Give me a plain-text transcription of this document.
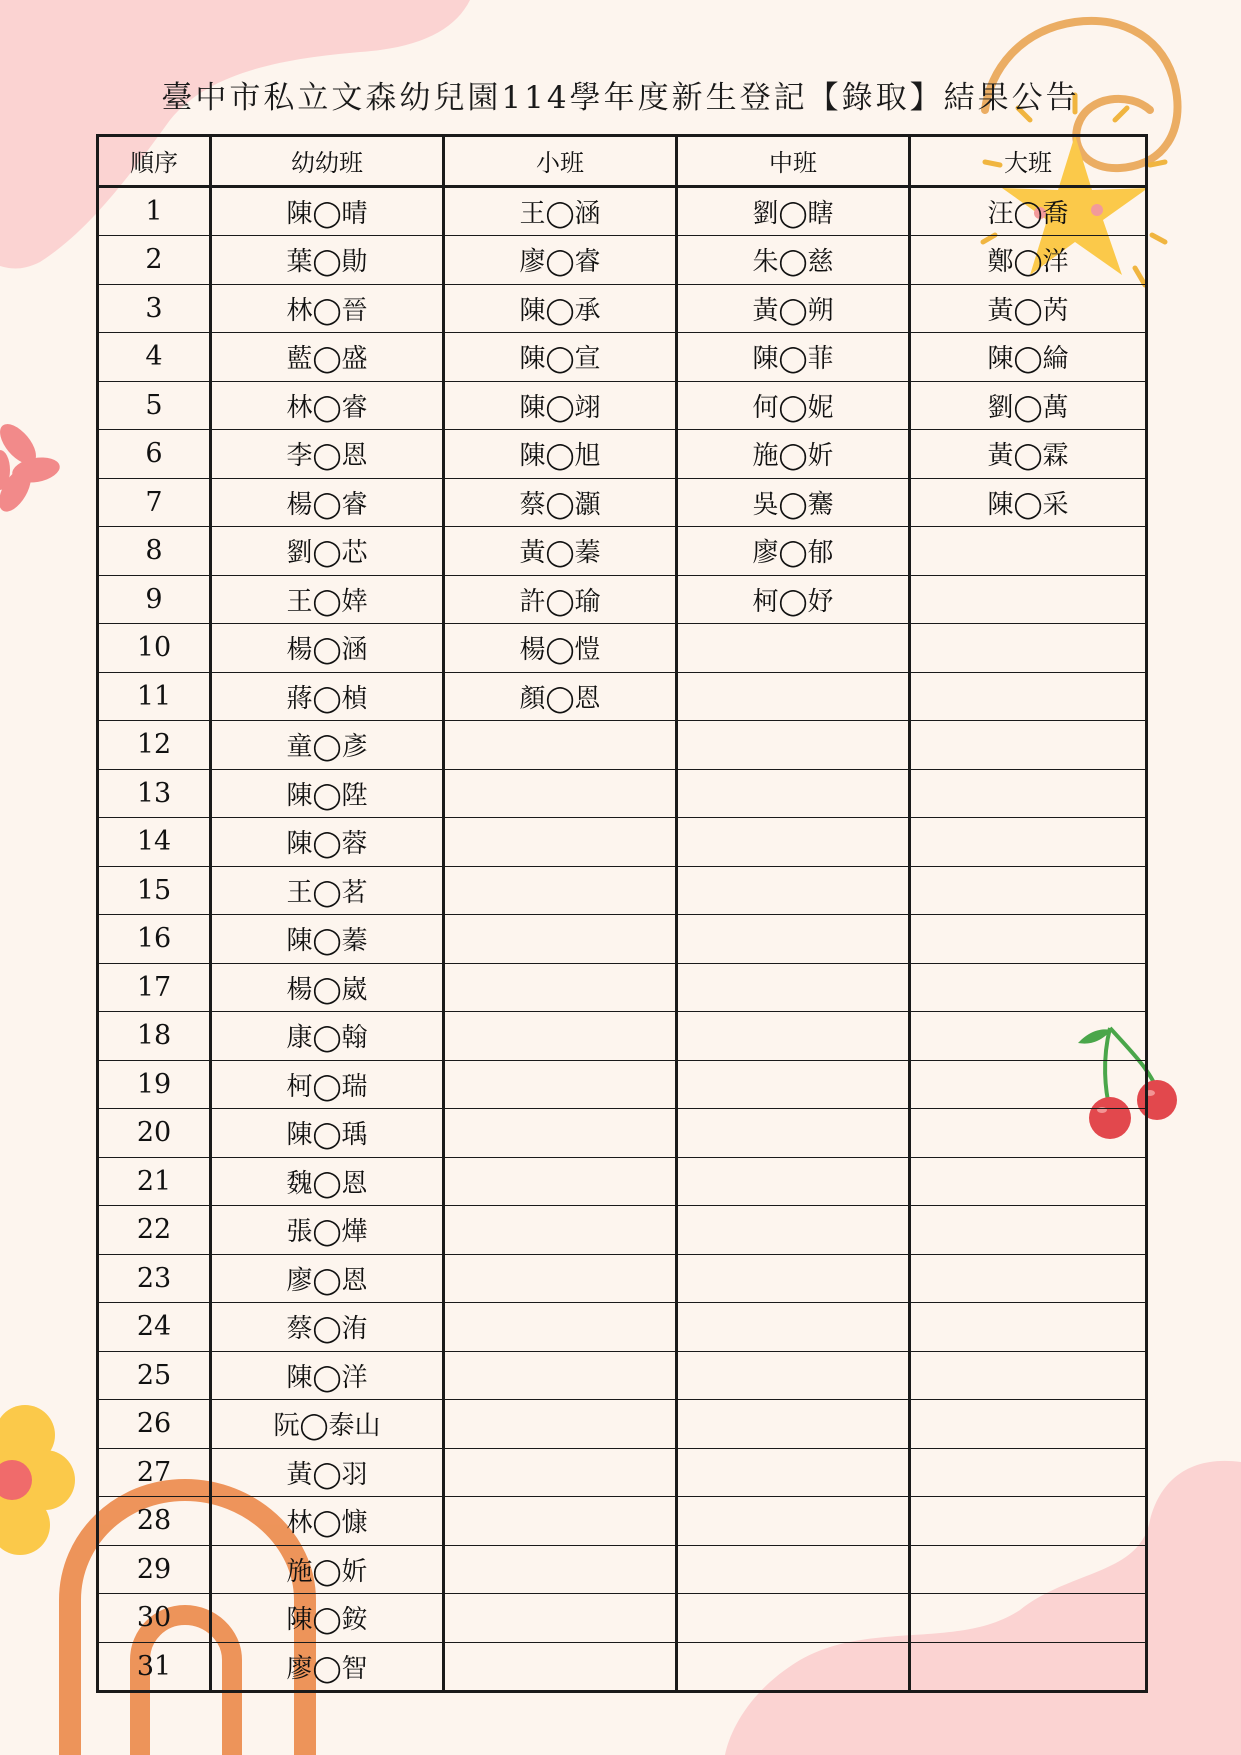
臺中市私立文森幼兒園114學年度新生登記【錄取】結果公告
順序	幼幼班	小班	中班	大班
1	陳◯晴	王◯涵	劉◯瞎	汪◯喬
2	葉◯勛	廖◯睿	朱◯慈	鄭◯洋
3	林◯晉	陳◯承	黃◯朔	黃◯芮
4	藍◯盛	陳◯宣	陳◯菲	陳◯綸
5	林◯睿	陳◯翊	何◯妮	劉◯萬
6	李◯恩	陳◯旭	施◯妡	黃◯霖
7	楊◯睿	蔡◯灝	吳◯騫	陳◯采
8	劉◯芯	黃◯蓁	廖◯郁	
9	王◯婞	許◯瑜	柯◯妤	
10	楊◯涵	楊◯愷		
11	蔣◯楨	顏◯恩		
12	童◯彥			
13	陳◯陞			
14	陳◯蓉			
15	王◯茗			
16	陳◯蓁			
17	楊◯崴			
18	康◯翰			
19	柯◯瑞			
20	陳◯瑀			
21	魏◯恩			
22	張◯燁			
23	廖◯恩			
24	蔡◯洧			
25	陳◯洋			
26	阮◯泰山			
27	黃◯羽			
28	林◯慷			
29	施◯妡			
30	陳◯銨			
31	廖◯智			
